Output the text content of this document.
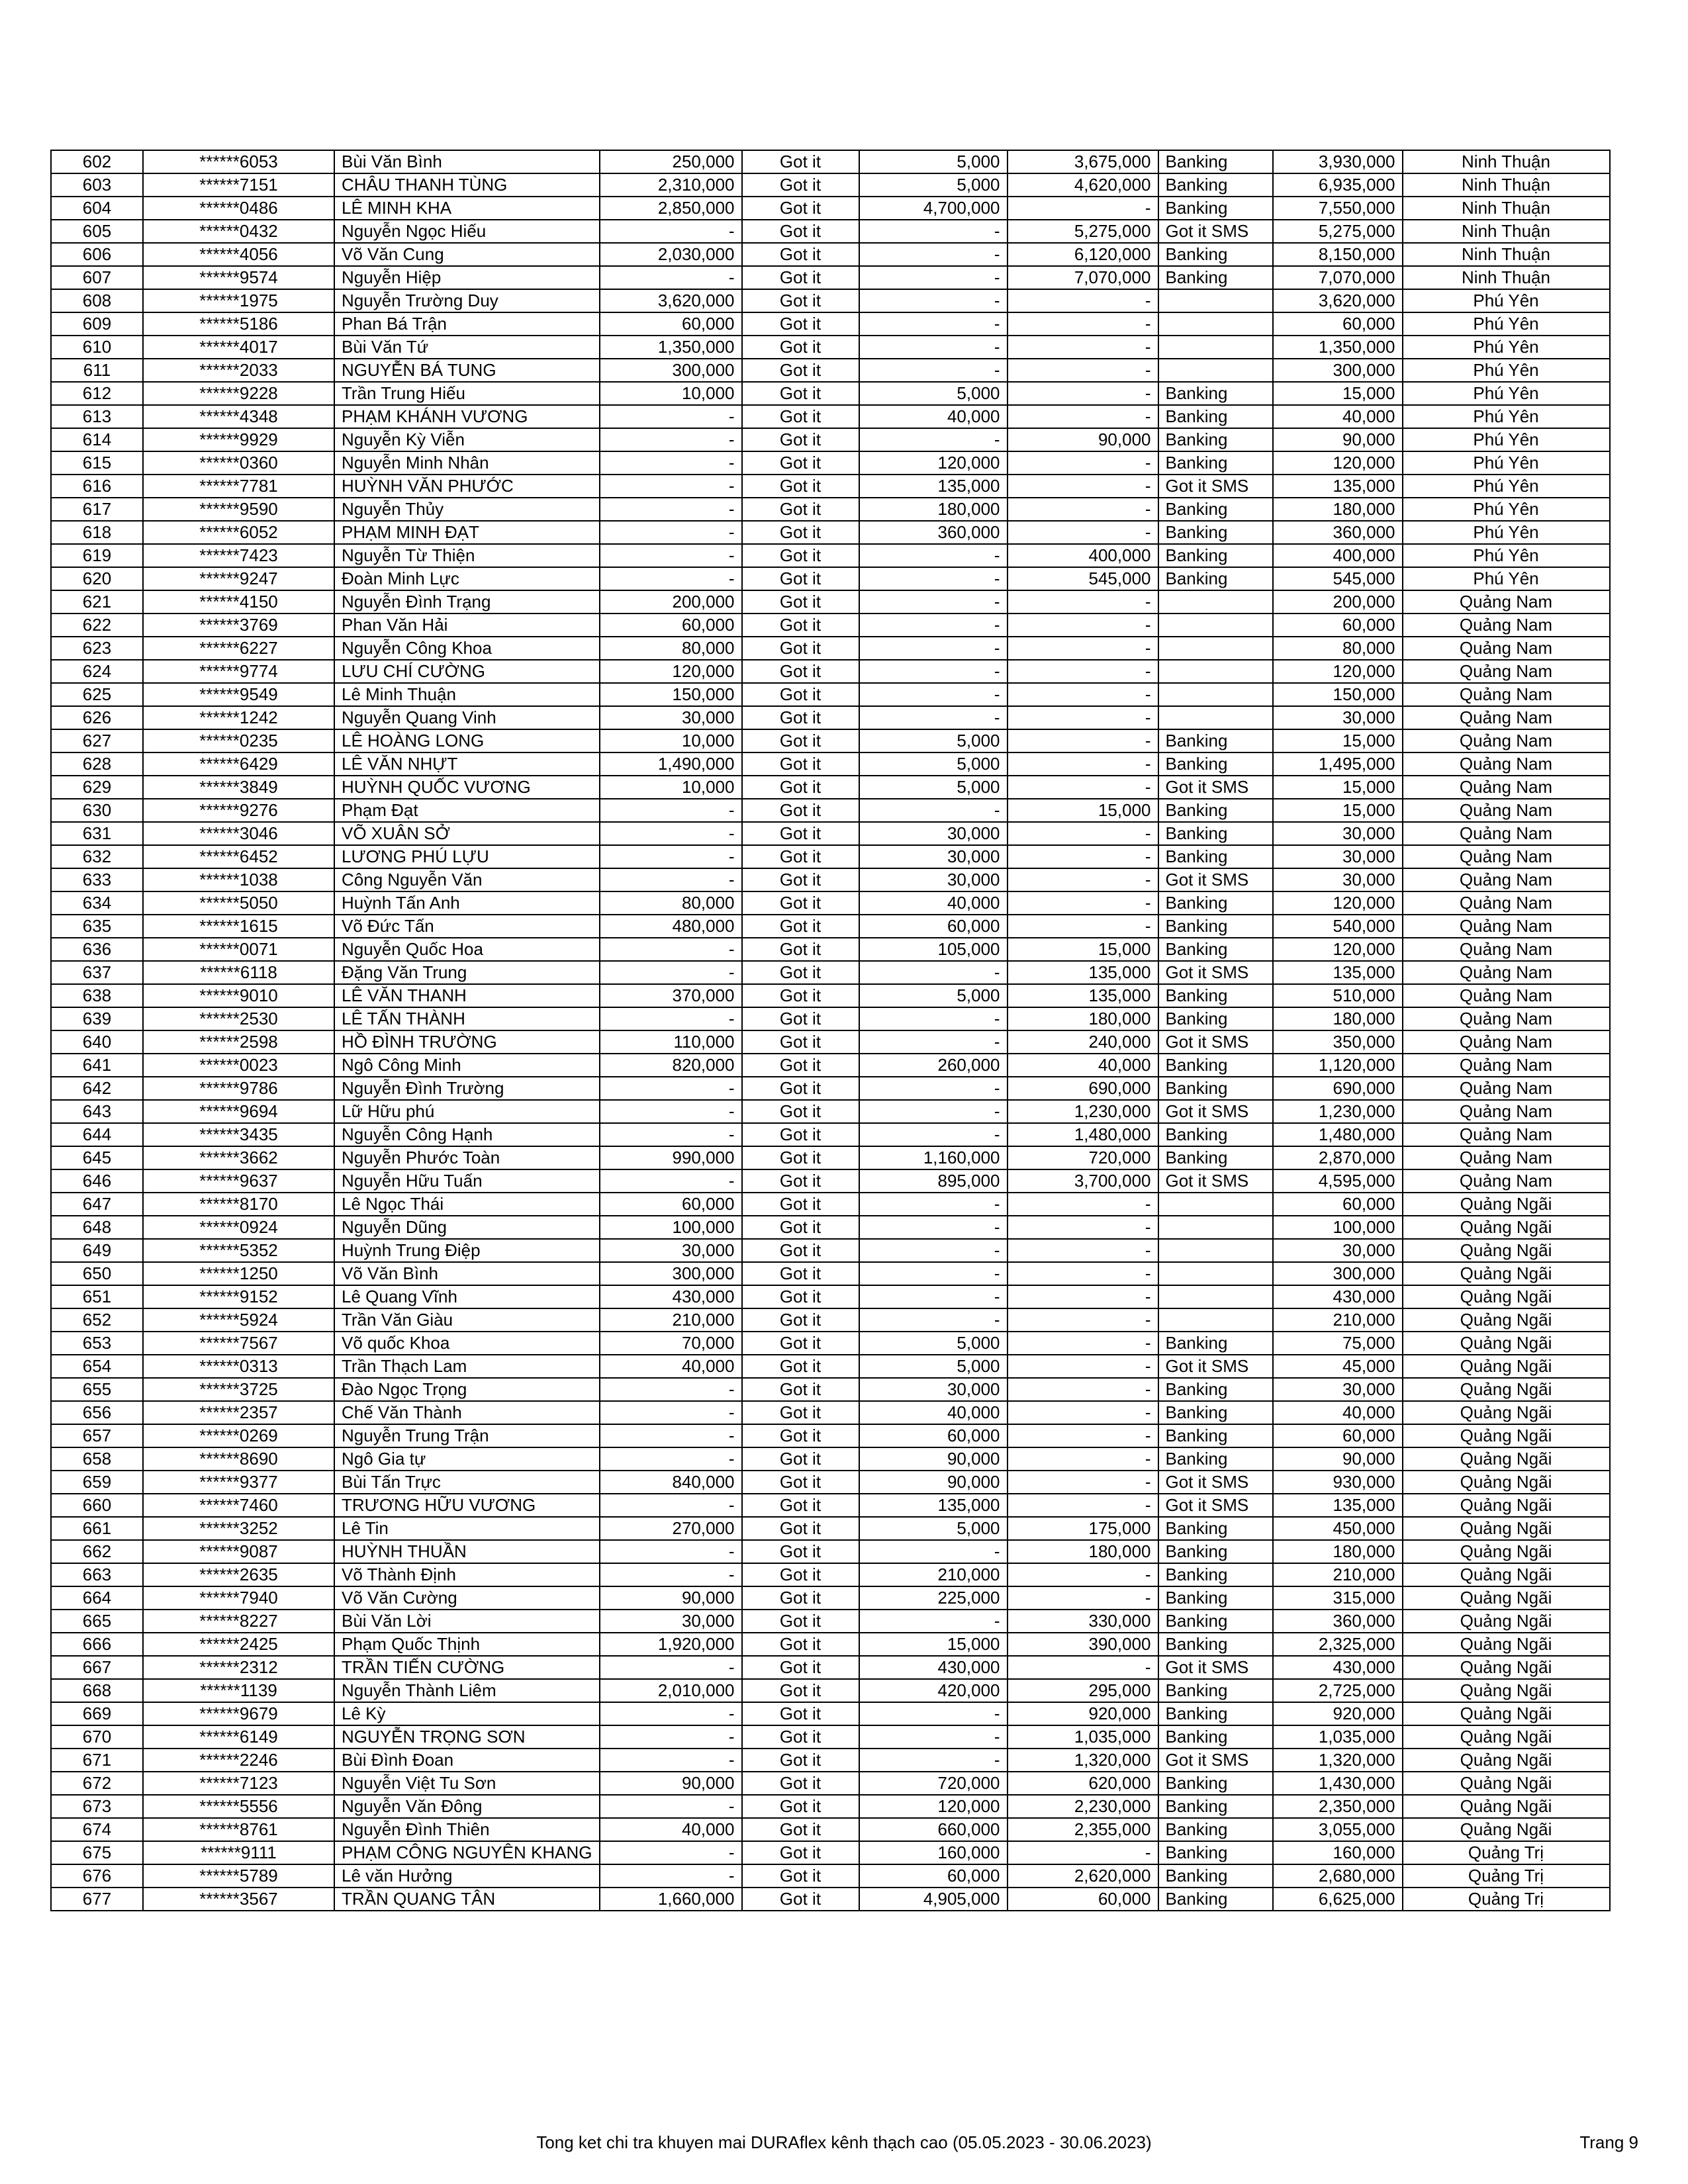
602	******6053	Bùi Văn Bình	250,000	Got it	5,000	3,675,000	Banking	3,930,000	Ninh Thuận
603	******7151	CHÂU THANH TÙNG	2,310,000	Got it	5,000	4,620,000	Banking	6,935,000	Ninh Thuận
604	******0486	LÊ MINH KHA	2,850,000	Got it	4,700,000	-	Banking	7,550,000	Ninh Thuận
605	******0432	Nguyễn Ngọc Hiếu	-	Got it	-	5,275,000	Got it SMS	5,275,000	Ninh Thuận
606	******4056	Võ Văn Cung	2,030,000	Got it	-	6,120,000	Banking	8,150,000	Ninh Thuận
607	******9574	Nguyễn Hiệp	-	Got it	-	7,070,000	Banking	7,070,000	Ninh Thuận
608	******1975	Nguyễn Trường Duy	3,620,000	Got it	-	-		3,620,000	Phú Yên
609	******5186	Phan Bá Trận	60,000	Got it	-	-		60,000	Phú Yên
610	******4017	Bùi Văn Tứ	1,350,000	Got it	-	-		1,350,000	Phú Yên
611	******2033	NGUYỄN BÁ TUNG	300,000	Got it	-	-		300,000	Phú Yên
612	******9228	Trần Trung Hiếu	10,000	Got it	5,000	-	Banking	15,000	Phú Yên
613	******4348	PHẠM KHÁNH VƯƠNG	-	Got it	40,000	-	Banking	40,000	Phú Yên
614	******9929	Nguyễn Kỳ Viễn	-	Got it	-	90,000	Banking	90,000	Phú Yên
615	******0360	Nguyễn Minh Nhân	-	Got it	120,000	-	Banking	120,000	Phú Yên
616	******7781	HUỲNH VĂN PHƯỚC	-	Got it	135,000	-	Got it SMS	135,000	Phú Yên
617	******9590	Nguyễn Thủy	-	Got it	180,000	-	Banking	180,000	Phú Yên
618	******6052	PHẠM MINH ĐẠT	-	Got it	360,000	-	Banking	360,000	Phú Yên
619	******7423	Nguyễn Từ Thiện	-	Got it	-	400,000	Banking	400,000	Phú Yên
620	******9247	Đoàn Minh Lực	-	Got it	-	545,000	Banking	545,000	Phú Yên
621	******4150	Nguyễn Đình Trạng	200,000	Got it	-	-		200,000	Quảng Nam
622	******3769	Phan Văn Hải	60,000	Got it	-	-		60,000	Quảng Nam
623	******6227	Nguyễn Công Khoa	80,000	Got it	-	-		80,000	Quảng Nam
624	******9774	LƯU CHÍ CƯỜNG	120,000	Got it	-	-		120,000	Quảng Nam
625	******9549	Lê Minh Thuận	150,000	Got it	-	-		150,000	Quảng Nam
626	******1242	Nguyễn Quang Vinh	30,000	Got it	-	-		30,000	Quảng Nam
627	******0235	LÊ HOÀNG LONG	10,000	Got it	5,000	-	Banking	15,000	Quảng Nam
628	******6429	LÊ VĂN NHỰT	1,490,000	Got it	5,000	-	Banking	1,495,000	Quảng Nam
629	******3849	HUỲNH QUỐC VƯƠNG	10,000	Got it	5,000	-	Got it SMS	15,000	Quảng Nam
630	******9276	Phạm Đạt	-	Got it	-	15,000	Banking	15,000	Quảng Nam
631	******3046	VÕ XUÂN SỞ	-	Got it	30,000	-	Banking	30,000	Quảng Nam
632	******6452	LƯƠNG PHÚ LỰU	-	Got it	30,000	-	Banking	30,000	Quảng Nam
633	******1038	Công Nguyễn Văn	-	Got it	30,000	-	Got it SMS	30,000	Quảng Nam
634	******5050	Huỳnh Tấn Anh	80,000	Got it	40,000	-	Banking	120,000	Quảng Nam
635	******1615	Võ Đức Tấn	480,000	Got it	60,000	-	Banking	540,000	Quảng Nam
636	******0071	Nguyễn Quốc Hoa	-	Got it	105,000	15,000	Banking	120,000	Quảng Nam
637	******6118	Đặng Văn Trung	-	Got it	-	135,000	Got it SMS	135,000	Quảng Nam
638	******9010	LÊ VĂN THANH	370,000	Got it	5,000	135,000	Banking	510,000	Quảng Nam
639	******2530	LÊ TẤN THÀNH	-	Got it	-	180,000	Banking	180,000	Quảng Nam
640	******2598	HỒ ĐÌNH TRƯỜNG	110,000	Got it	-	240,000	Got it SMS	350,000	Quảng Nam
641	******0023	Ngô Công Minh	820,000	Got it	260,000	40,000	Banking	1,120,000	Quảng Nam
642	******9786	Nguyễn Đình Trường	-	Got it	-	690,000	Banking	690,000	Quảng Nam
643	******9694	Lữ Hữu phú	-	Got it	-	1,230,000	Got it SMS	1,230,000	Quảng Nam
644	******3435	Nguyễn Công Hạnh	-	Got it	-	1,480,000	Banking	1,480,000	Quảng Nam
645	******3662	Nguyễn Phước Toàn	990,000	Got it	1,160,000	720,000	Banking	2,870,000	Quảng Nam
646	******9637	Nguyễn Hữu Tuấn	-	Got it	895,000	3,700,000	Got it SMS	4,595,000	Quảng Nam
647	******8170	Lê Ngọc Thái	60,000	Got it	-	-		60,000	Quảng Ngãi
648	******0924	Nguyễn Dũng	100,000	Got it	-	-		100,000	Quảng Ngãi
649	******5352	Huỳnh Trung Điệp	30,000	Got it	-	-		30,000	Quảng Ngãi
650	******1250	Võ Văn Bình	300,000	Got it	-	-		300,000	Quảng Ngãi
651	******9152	Lê Quang Vĩnh	430,000	Got it	-	-		430,000	Quảng Ngãi
652	******5924	Trần Văn Giàu	210,000	Got it	-	-		210,000	Quảng Ngãi
653	******7567	Võ quốc Khoa	70,000	Got it	5,000	-	Banking	75,000	Quảng Ngãi
654	******0313	Trần Thạch Lam	40,000	Got it	5,000	-	Got it SMS	45,000	Quảng Ngãi
655	******3725	Đào Ngọc Trọng	-	Got it	30,000	-	Banking	30,000	Quảng Ngãi
656	******2357	Chế Văn Thành	-	Got it	40,000	-	Banking	40,000	Quảng Ngãi
657	******0269	Nguyễn Trung Trận	-	Got it	60,000	-	Banking	60,000	Quảng Ngãi
658	******8690	Ngô Gia tự	-	Got it	90,000	-	Banking	90,000	Quảng Ngãi
659	******9377	Bùi Tấn Trực	840,000	Got it	90,000	-	Got it SMS	930,000	Quảng Ngãi
660	******7460	TRƯƠNG HỮU VƯƠNG	-	Got it	135,000	-	Got it SMS	135,000	Quảng Ngãi
661	******3252	Lê Tin	270,000	Got it	5,000	175,000	Banking	450,000	Quảng Ngãi
662	******9087	HUỲNH THUẦN	-	Got it	-	180,000	Banking	180,000	Quảng Ngãi
663	******2635	Võ Thành Định	-	Got it	210,000	-	Banking	210,000	Quảng Ngãi
664	******7940	Võ Văn Cường	90,000	Got it	225,000	-	Banking	315,000	Quảng Ngãi
665	******8227	Bùi Văn Lời	30,000	Got it	-	330,000	Banking	360,000	Quảng Ngãi
666	******2425	Phạm Quốc Thịnh	1,920,000	Got it	15,000	390,000	Banking	2,325,000	Quảng Ngãi
667	******2312	TRẦN TIẾN CƯỜNG	-	Got it	430,000	-	Got it SMS	430,000	Quảng Ngãi
668	******1139	Nguyễn Thành Liêm	2,010,000	Got it	420,000	295,000	Banking	2,725,000	Quảng Ngãi
669	******9679	Lê Kỳ	-	Got it	-	920,000	Banking	920,000	Quảng Ngãi
670	******6149	NGUYỄN TRỌNG SƠN	-	Got it	-	1,035,000	Banking	1,035,000	Quảng Ngãi
671	******2246	Bùi Đình Đoan	-	Got it	-	1,320,000	Got it SMS	1,320,000	Quảng Ngãi
672	******7123	Nguyễn Việt Tu Sơn	90,000	Got it	720,000	620,000	Banking	1,430,000	Quảng Ngãi
673	******5556	Nguyễn Văn Đông	-	Got it	120,000	2,230,000	Banking	2,350,000	Quảng Ngãi
674	******8761	Nguyễn Đình Thiên	40,000	Got it	660,000	2,355,000	Banking	3,055,000	Quảng Ngãi
675	******9111	PHẠM CÔNG NGUYÊN KHANG	-	Got it	160,000	-	Banking	160,000	Quảng Trị
676	******5789	Lê văn Hưởng	-	Got it	60,000	2,620,000	Banking	2,680,000	Quảng Trị
677	******3567	TRẦN QUANG TÂN	1,660,000	Got it	4,905,000	60,000	Banking	6,625,000	Quảng Trị
Tong ket chi tra khuyen mai DURAflex kênh thạch cao (05.05.2023 - 30.06.2023)	Trang 9
